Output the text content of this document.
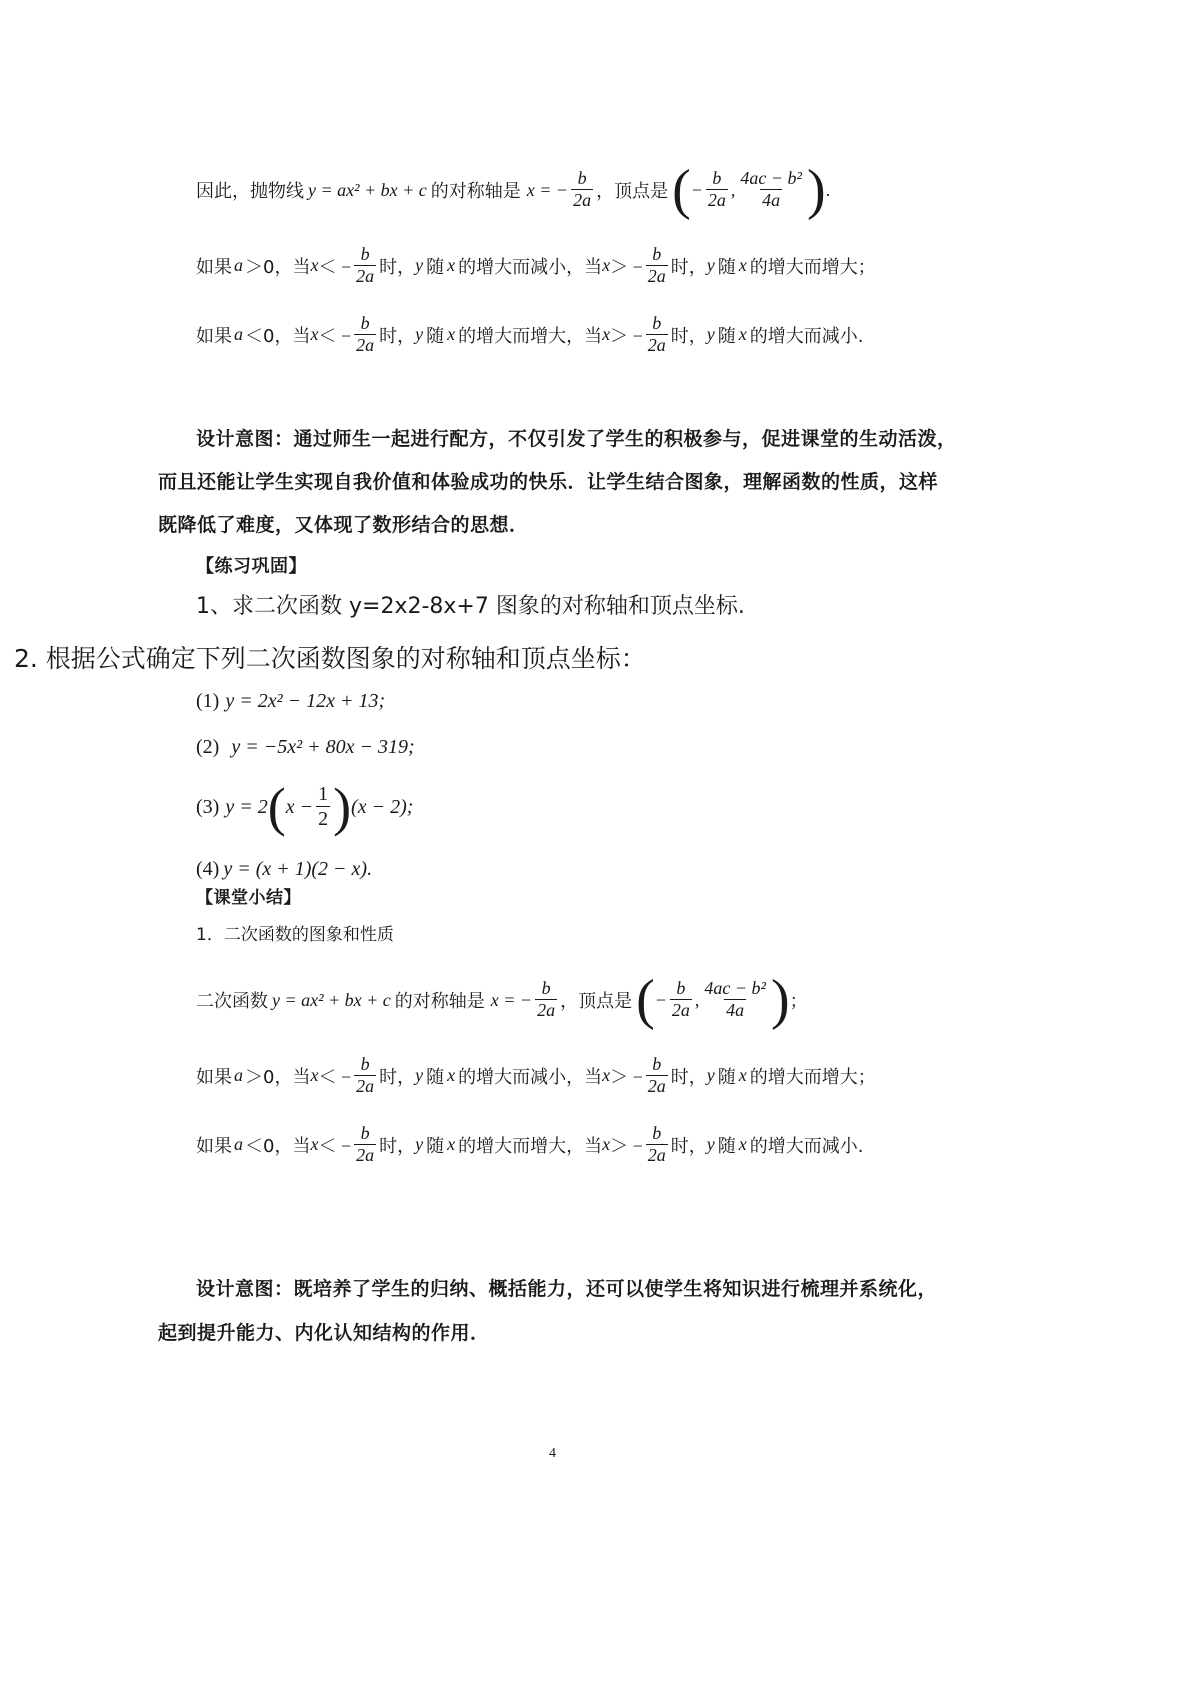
因此，抛物线 y = ax² + bx + c 的对称轴是 x = − $\frac{b}{2a}$ ，顶点是 ( − $\frac{b}{2a}$ , $\frac{\text{4ac − b²}}{4a}$ ) .
如果 a ＞0，当 x ＜ − $\frac{b}{2a}$ 时， y 随 x 的增大而减小，当 x ＞ − $\frac{b}{2a}$ 时， y 随 x 的增大而增大；
如果 a ＜0，当 x ＜ − $\frac{b}{2a}$ 时， y 随 x 的增大而增大，当 x ＞ − $\frac{b}{2a}$ 时， y 随 x 的增大而减小.
设计意图：通过师生一起进行配方，不仅引发了学生的积极参与，促进课堂的生动活泼，
而且还能让学生实现自我价值和体验成功的快乐．让学生结合图象，理解函数的性质，这样
既降低了难度，又体现了数形结合的思想．
【练习巩固】
1、求二次函数 y=2x2-8x+7 图象的对称轴和顶点坐标.
2. 根据公式确定下列二次函数图象的对称轴和顶点坐标：
(1) y = 2x² − 12x + 13;
(2) y = −5x² + 80x − 319;
(3) y = 2 ( $x - \frac{1}{2}$ ) (x − 2);
(4) y = (x + 1)(2 − x).
【课堂小结】
1．二次函数的图象和性质
二次函数 y = ax² + bx + c 的对称轴是 x = − $\frac{b}{2a}$ ，顶点是 ( − $\frac{b}{2a}$ , $\frac{\text{4ac − b²}}{4a}$ ) ；
如果 a ＞0，当 x ＜ − $\frac{b}{2a}$ 时， y 随 x 的增大而减小，当 x ＞ − $\frac{b}{2a}$ 时， y 随 x 的增大而增大；
如果 a ＜0，当 x ＜ − $\frac{b}{2a}$ 时， y 随 x 的增大而增大，当 x ＞ − $\frac{b}{2a}$ 时， y 随 x 的增大而减小.
设计意图：既培养了学生的归纳、概括能力，还可以使学生将知识进行梳理并系统化，
起到提升能力、内化认知结构的作用．
4
